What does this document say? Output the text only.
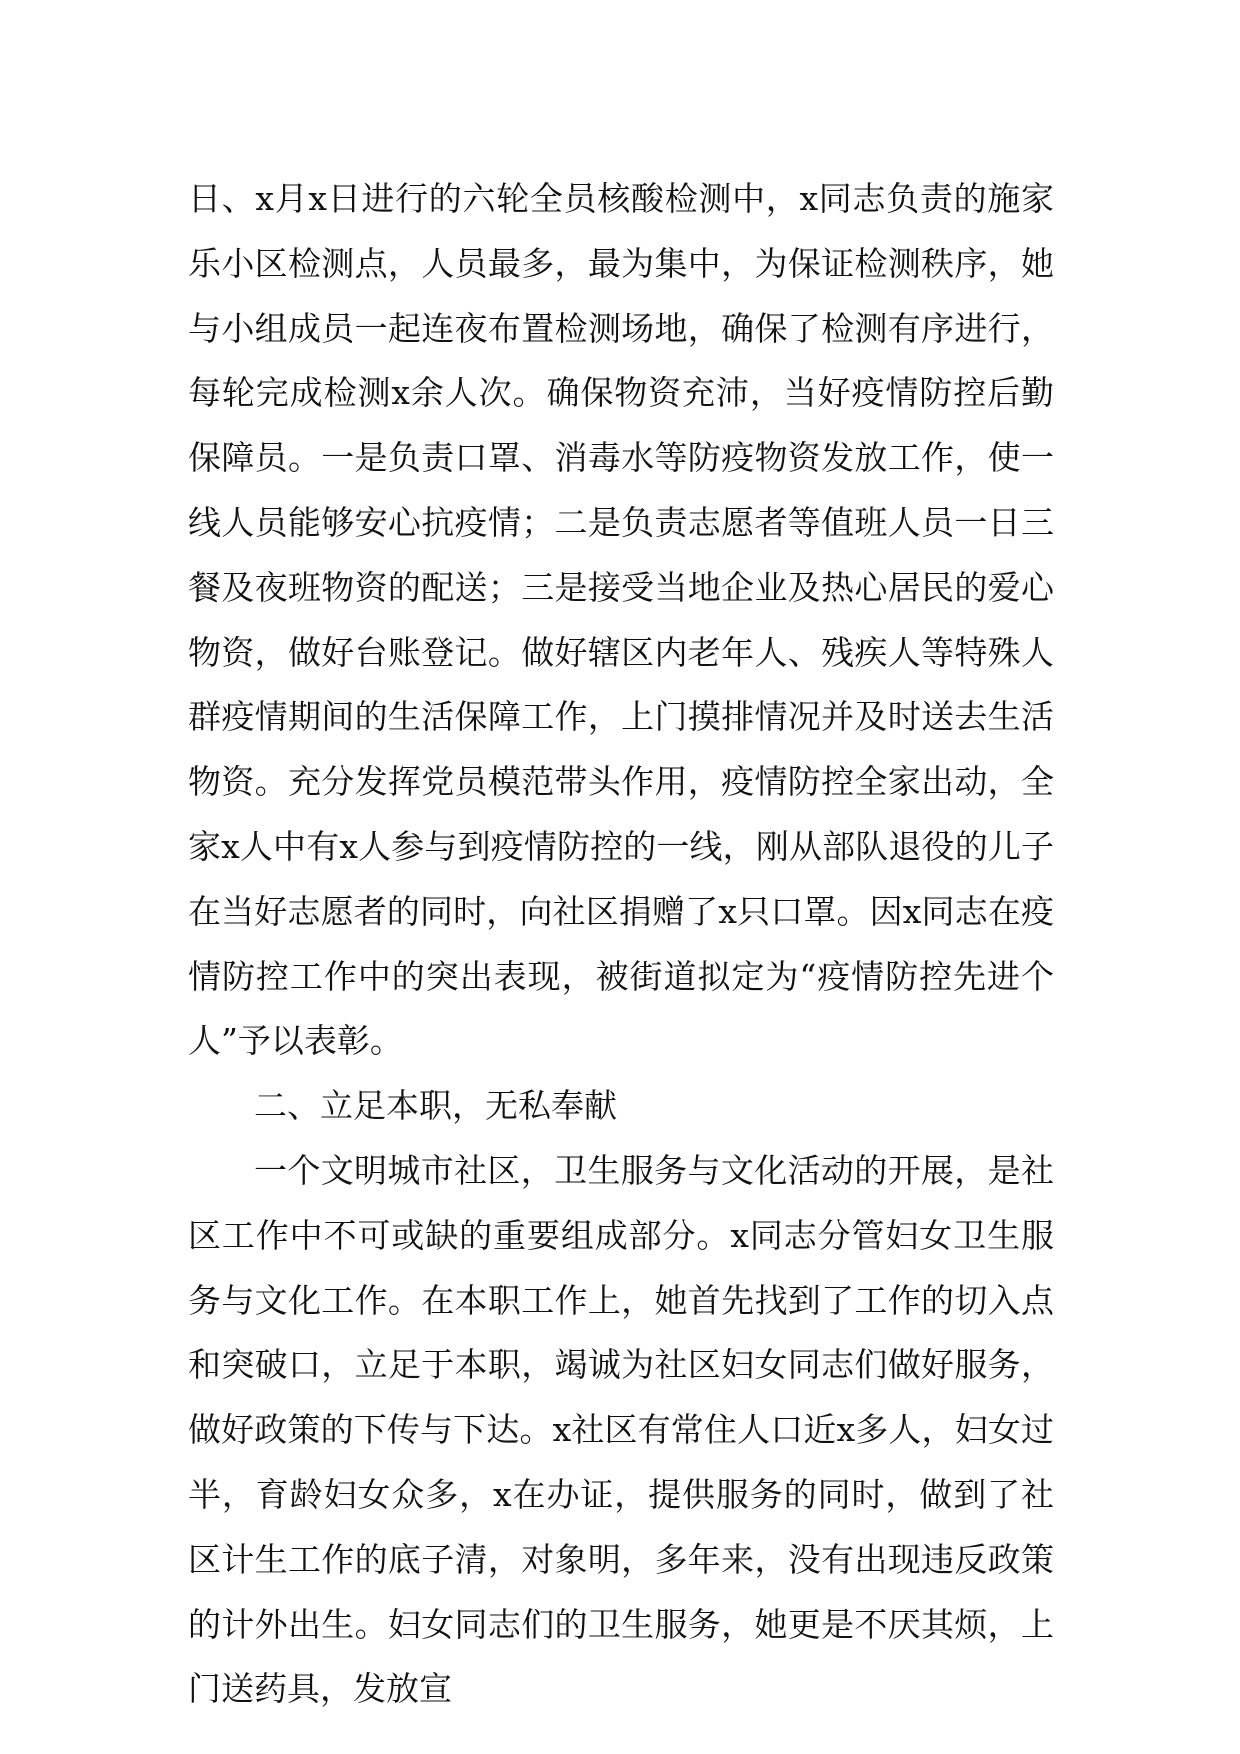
日、x月x日进行的六轮全员核酸检测中，x同志负责的施家乐小区检测点，人员最多，最为集中，为保证检测秩序，她与小组成员一起连夜布置检测场地，确保了检测有序进行，每轮完成检测x余人次。确保物资充沛，当好疫情防控后勤保障员。一是负责口罩、消毒水等防疫物资发放工作，使一线人员能够安心抗疫情；二是负责志愿者等值班人员一日三餐及夜班物资的配送；三是接受当地企业及热心居民的爱心物资，做好台账登记。做好辖区内老年人、残疾人等特殊人群疫情期间的生活保障工作，上门摸排情况并及时送去生活物资。充分发挥党员模范带头作用，疫情防控全家出动，全家x人中有x人参与到疫情防控的一线，刚从部队退役的儿子在当好志愿者的同时，向社区捐赠了x只口罩。因x同志在疫情防控工作中的突出表现，被街道拟定为“疫情防控先进个人”予以表彰。

二、立足本职，无私奉献

一个文明城市社区，卫生服务与文化活动的开展，是社区工作中不可或缺的重要组成部分。x同志分管妇女卫生服务与文化工作。在本职工作上，她首先找到了工作的切入点和突破口，立足于本职，竭诚为社区妇女同志们做好服务，做好政策的下传与下达。x社区有常住人口近x多人，妇女过半，育龄妇女众多，x在办证，提供服务的同时，做到了社区计生工作的底子清，对象明，多年来，没有出现违反政策的计外出生。妇女同志们的卫生服务，她更是不厌其烦，上门送药具，发放宣
